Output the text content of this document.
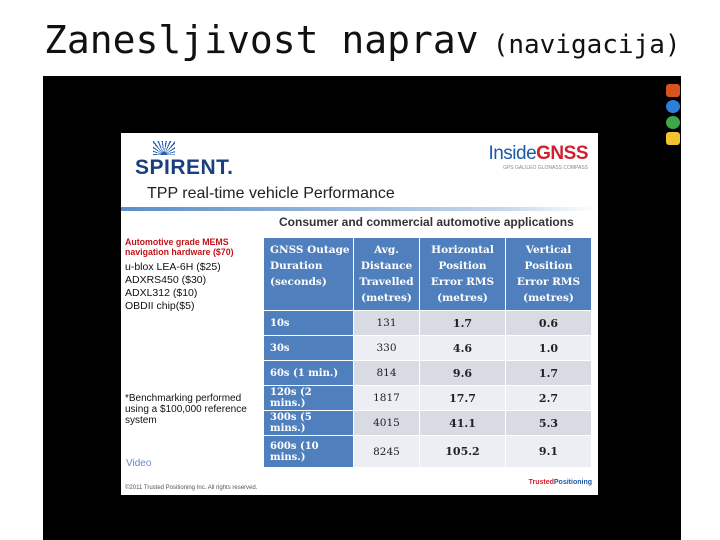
Zanesljivost naprav (navigacija)
SPIRENT.
InsideGNSS
GPS GALILEO GLONASS COMPASS
TPP real-time vehicle Performance
Consumer and commercial automotive applications
Automotive grade MEMS navigation hardware ($70)
u-blox LEA-6H ($25)
ADXRS450 ($30)
ADXL312 ($10)
OBDII chip($5)
*Benchmarking performed using a $100,000 reference system
Video
GNSS Outage Duration (seconds)	Avg. Distance Travelled (metres)	Horizontal Position Error RMS (metres)	Vertical Position Error RMS (metres)
10s	131	1.7	0.6
30s	330	4.6	1.0
60s (1 min.)	814	9.6	1.7
120s (2 mins.)	1817	17.7	2.7
300s (5 mins.)	4015	41.1	5.3
600s (10 mins.)	8245	105.2	9.1
©2011 Trusted Positioning Inc. All rights reserved.
TrustedPositioning
